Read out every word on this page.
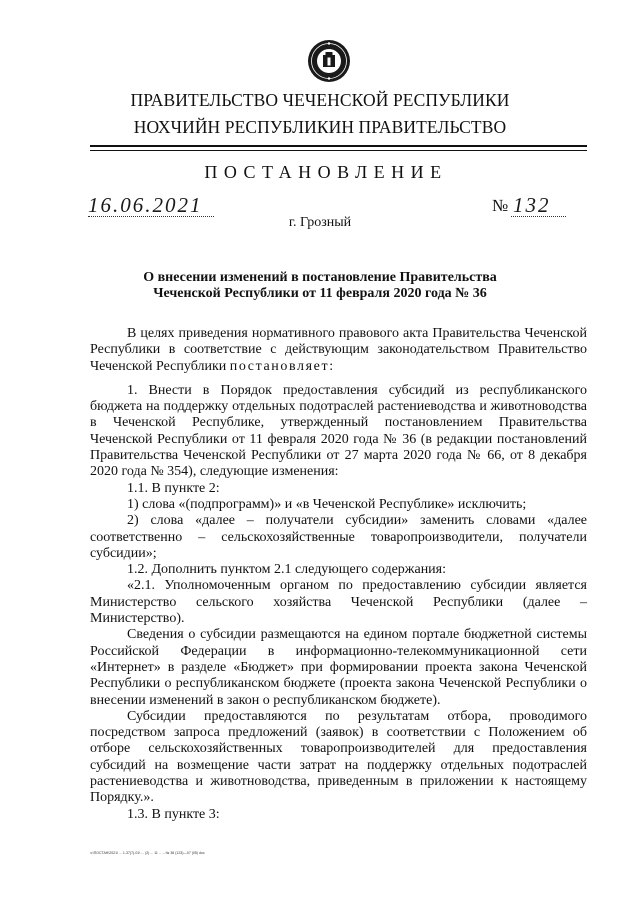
ПРАВИТЕЛЬСТВО ЧЕЧЕНСКОЙ РЕСПУБЛИКИ
НОХЧИЙН РЕСПУБЛИКИН ПРАВИТЕЛЬСТВО
ПОСТАНОВЛЕНИЕ
16.06.2021	№ 132
г. Грозный
О внесении изменений в постановление Правительства
Чеченской Республики от 11 февраля 2020 года № 36

В целях приведения нормативного правового акта Правительства Чеченской Республики в соответствие с действующим законодательством Правительство Чеченской Республики постановляет:

1. Внести в Порядок предоставления субсидий из республиканского бюджета на поддержку отдельных подотраслей растениеводства и животноводства в Чеченской Республике, утвержденный постановлением Правительства Чеченской Республики от 11 февраля 2020 года № 36 (в редакции постановлений Правительства Чеченской Республики от 27 марта 2020 года № 66, от 8 декабря 2020 года № 354), следующие изменения:

1.1. В пункте 2:

1) слова «(подпрограмм)» и «в Чеченской Республике» исключить;

2) слова «далее – получатели субсидии» заменить словами «далее соответственно – сельскохозяйственные товаропроизводители, получатели субсидии»;

1.2. Дополнить пунктом 2.1 следующего содержания:

«2.1. Уполномоченным органом по предоставлению субсидии является Министерство сельского хозяйства Чеченской Республики (далее – Министерство).

Сведения о субсидии размещаются на едином портале бюджетной системы Российской Федерации в информационно-телекоммуникационной сети «Интернет» в разделе «Бюджет» при формировании проекта закона Чеченской Республики о республиканском бюджете (проекта закона Чеченской Республики о внесении изменений в закон о республиканском бюджете).

Субсидии предоставляются по результатам отбора, проводимого посредством запроса предложений (заявок) в соответствии с Положением об отборе сельскохозяйственных товаропроизводителей для предоставления субсидий на возмещение части затрат на поддержку отдельных подотраслей растениеводства и животноводства, приведенным в приложении к настоящему Порядку.».

1.3. В пункте 3:

ч:\ПОСТАН\2021\ ... 1-37(7)-01\ ... (2) ... 11 .. ... № 36 (123)—07 (05) doc
